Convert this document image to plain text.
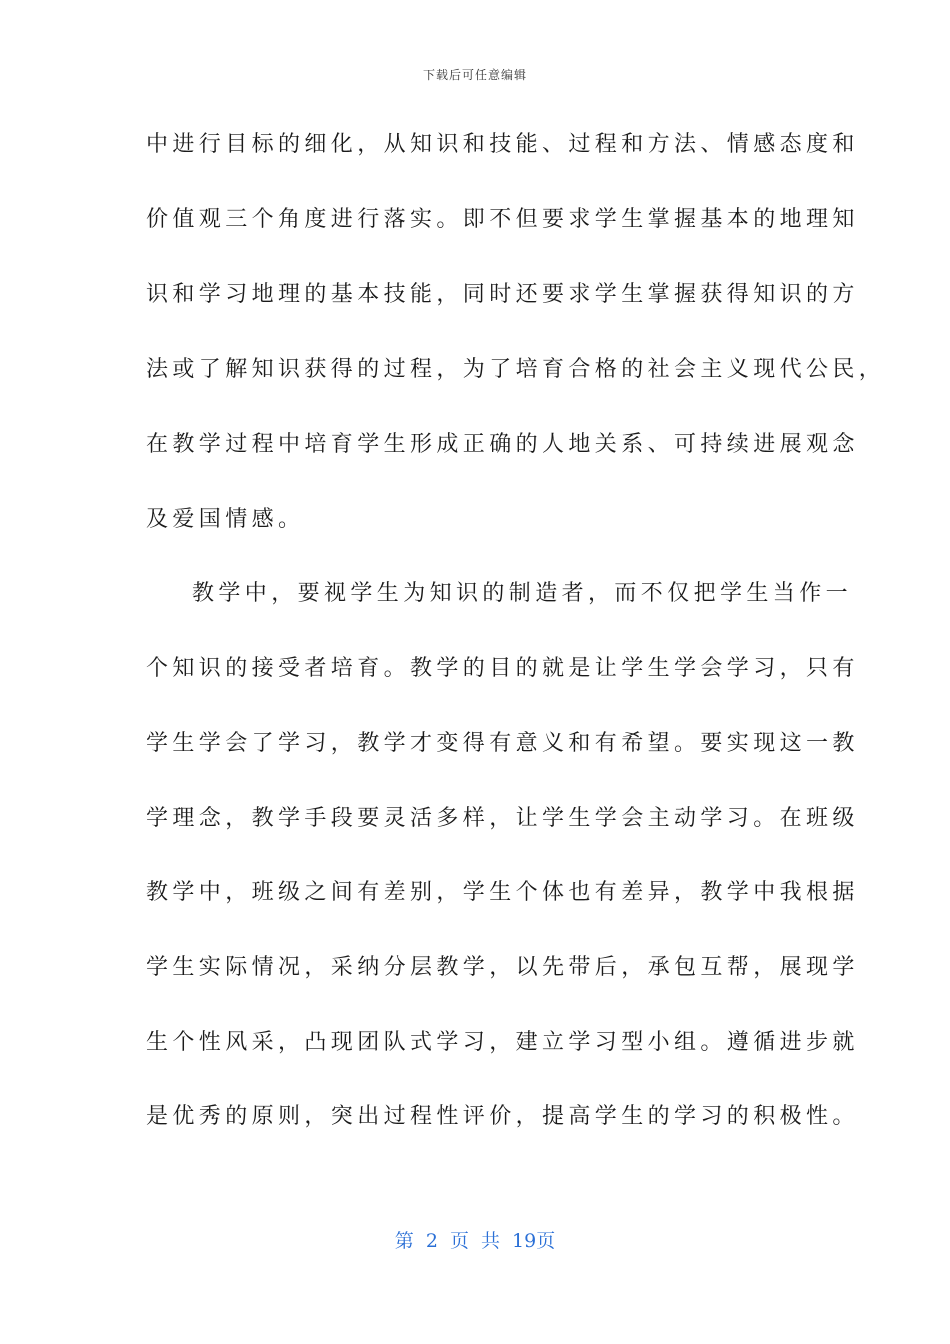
下载后可任意编辑
中进行目标的细化，从知识和技能、过程和方法、情感态度和
价值观三个角度进行落实。即不但要求学生掌握基本的地理知
识和学习地理的基本技能，同时还要求学生掌握获得知识的方
法或了解知识获得的过程，为了培育合格的社会主义现代公民，
在教学过程中培育学生形成正确的人地关系、可持续进展观念
及爱国情感。
教学中，要视学生为知识的制造者，而不仅把学生当作一
个知识的接受者培育。教学的目的就是让学生学会学习，只有
学生学会了学习，教学才变得有意义和有希望。要实现这一教
学理念，教学手段要灵活多样，让学生学会主动学习。在班级
教学中，班级之间有差别，学生个体也有差异，教学中我根据
学生实际情况，采纳分层教学，以先带后，承包互帮，展现学
生个性风采，凸现团队式学习，建立学习型小组。遵循进步就
是优秀的原则，突出过程性评价，提高学生的学习的积极性。
第 2 页 共 19页
